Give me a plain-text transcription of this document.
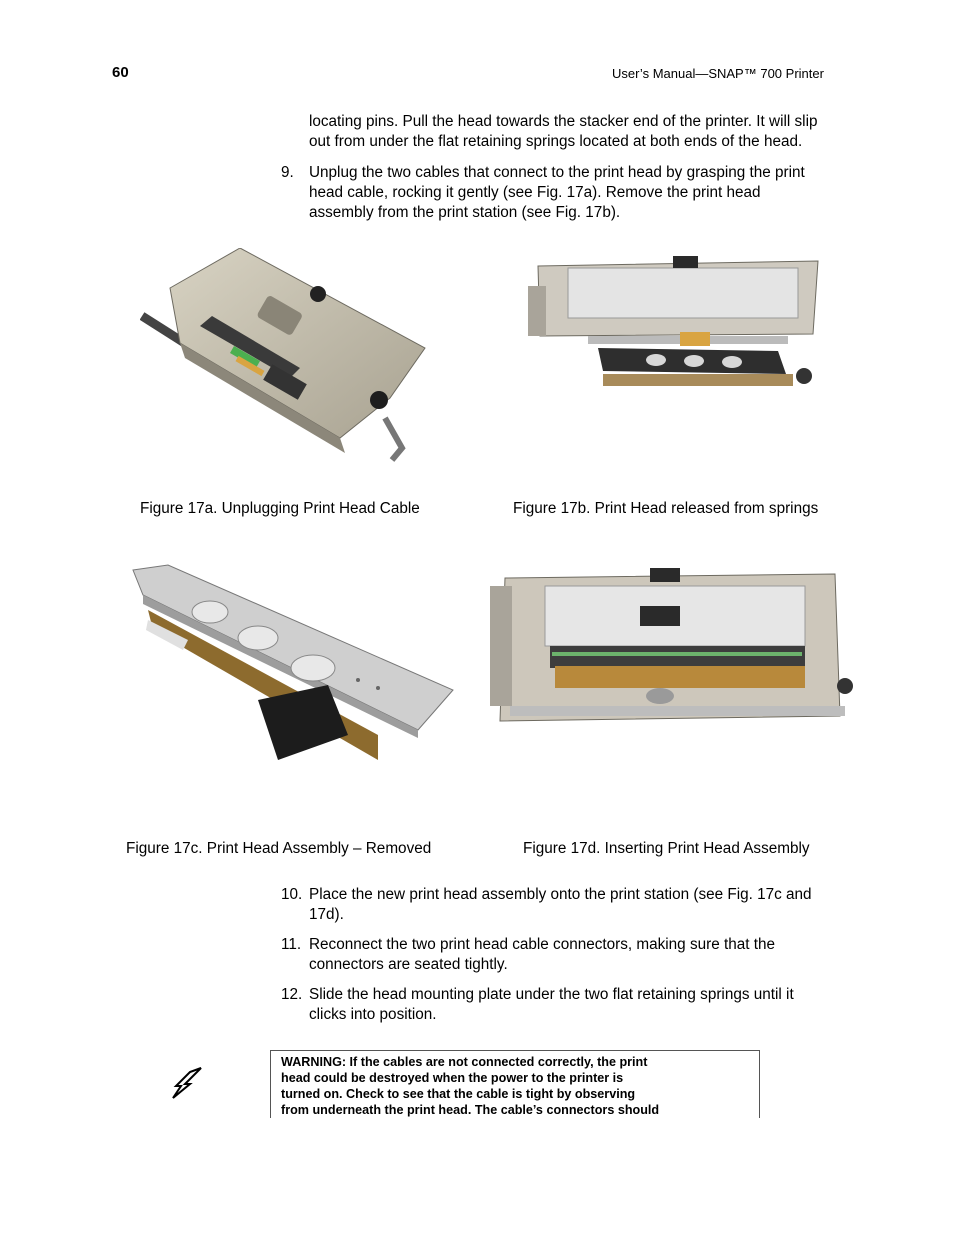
60	User’s Manual—SNAP™ 700 Printer
locating pins. Pull the head towards the stacker end of the printer. It will slip
out from under the flat retaining springs located at both ends of the head.
9. Unplug the two cables that connect to the print head by grasping the print
head cable, rocking it gently (see Fig. 17a). Remove the print head
assembly from the print station (see Fig. 17b).
Figure 17a. Unplugging Print Head Cable	Figure 17b. Print Head released from springs
Figure 17c. Print Head Assembly – Removed	Figure 17d. Inserting Print Head Assembly
10. Place the new print head assembly onto the print station (see Fig. 17c and
17d).
11. Reconnect the two print head cable connectors, making sure that the
connectors are seated tightly.
12. Slide the head mounting plate under the two flat retaining springs until it
clicks into position.
WARNING: If the cables are not connected correctly, the print
head could be destroyed when the power to the printer is
turned on. Check to see that the cable is tight by observing
from underneath the print head. The cable’s connectors should
